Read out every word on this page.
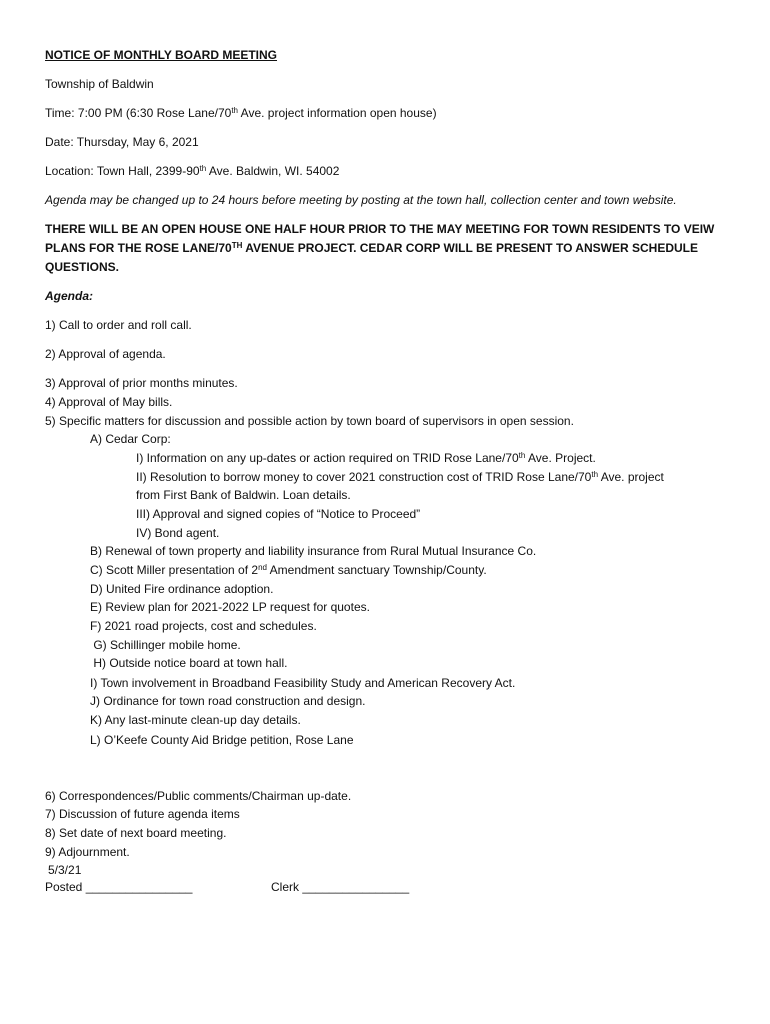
NOTICE OF MONTHLY BOARD MEETING

Township of Baldwin

Time: 7:00 PM (6:30 Rose Lane/70th Ave. project information open house)

Date: Thursday, May 6, 2021

Location: Town Hall, 2399-90th Ave. Baldwin, WI. 54002

Agenda may be changed up to 24 hours before meeting by posting at the town hall, collection center and town website.

THERE WILL BE AN OPEN HOUSE ONE HALF HOUR PRIOR TO THE MAY MEETING FOR TOWN RESIDENTS TO VEIW

PLANS FOR THE ROSE LANE/70TH AVENUE PROJECT. CEDAR CORP WILL BE PRESENT TO ANSWER SCHEDULE

QUESTIONS.

Agenda:

1) Call to order and roll call.

2) Approval of agenda.

3) Approval of prior months minutes.

4) Approval of May bills.

5) Specific matters for discussion and possible action by town board of supervisors in open session.

A) Cedar Corp:

I) Information on any up-dates or action required on TRID Rose Lane/70th Ave. Project.

II) Resolution to borrow money to cover 2021 construction cost of TRID Rose Lane/70th Ave. project

from First Bank of Baldwin. Loan details.

III) Approval and signed copies of “Notice to Proceed”

IV) Bond agent.

B) Renewal of town property and liability insurance from Rural Mutual Insurance Co.

C) Scott Miller presentation of 2nd Amendment sanctuary Township/County.

D) United Fire ordinance adoption.

E) Review plan for 2021-2022 LP request for quotes.

F) 2021 road projects, cost and schedules.

G) Schillinger mobile home.

H) Outside notice board at town hall.

I) Town involvement in Broadband Feasibility Study and American Recovery Act.

J) Ordinance for town road construction and design.

K) Any last-minute clean-up day details.

L) O’Keefe County Aid Bridge petition, Rose Lane

6) Correspondences/Public comments/Chairman up-date.

7) Discussion of future agenda items

8) Set date of next board meeting.

9) Adjournment.

5/3/21

Posted ________________	Clerk ________________
